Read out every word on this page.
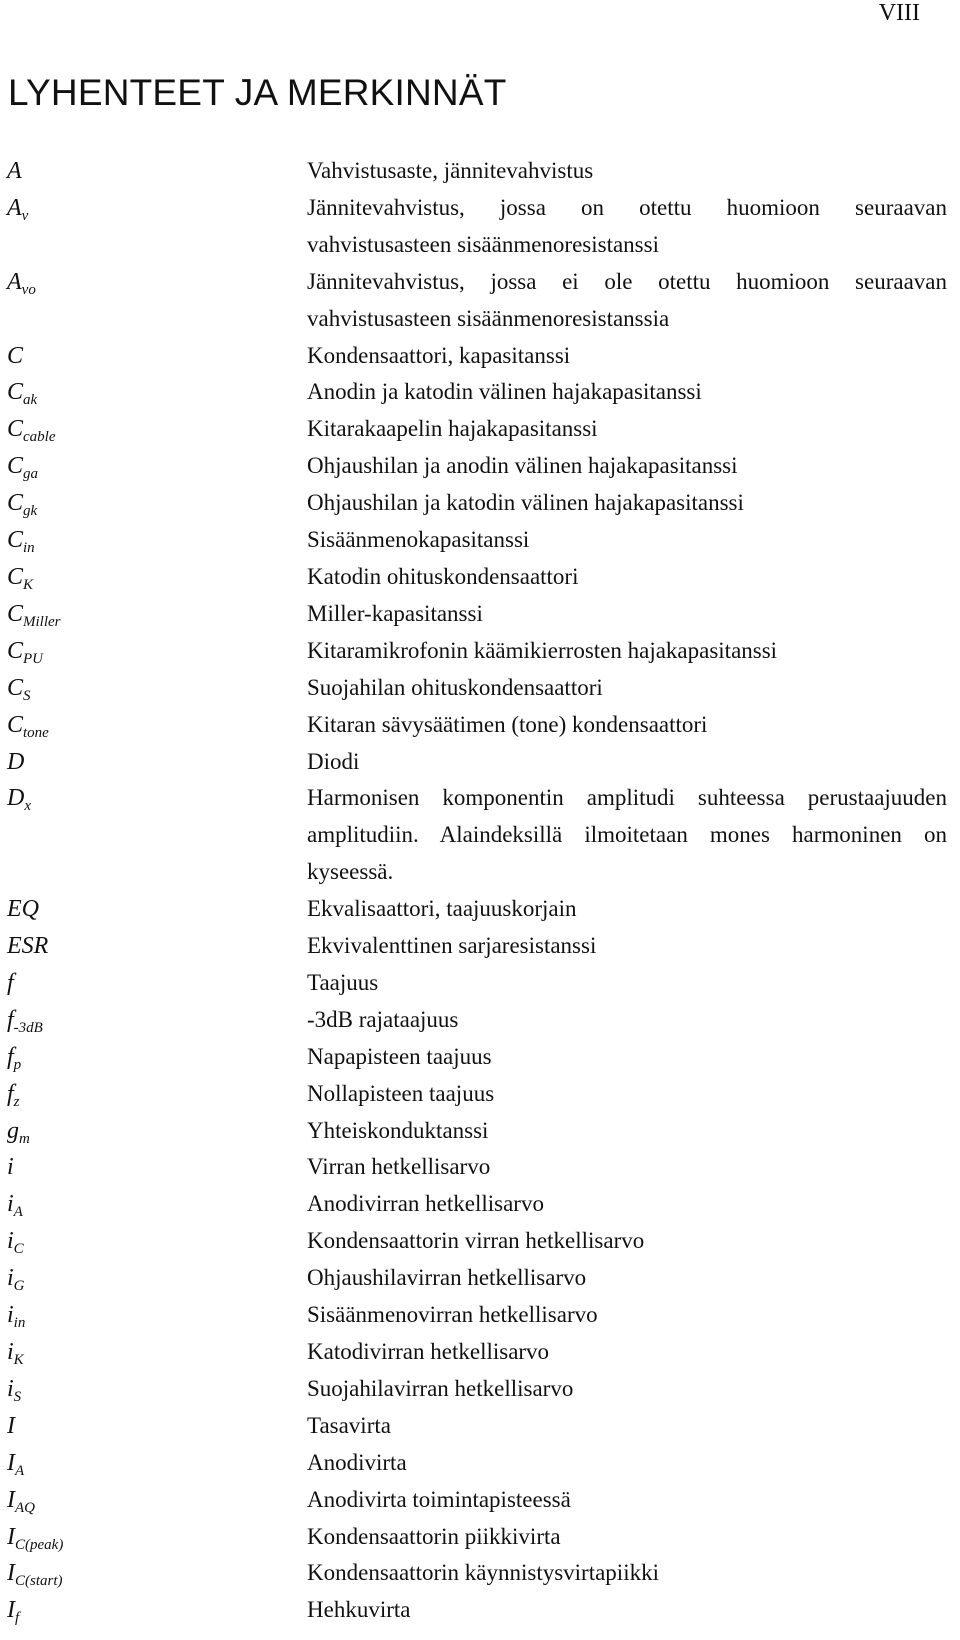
VIII
LYHENTEET JA MERKINNÄT
A	Vahvistusaste, jännitevahvistus
$A_v$	Jännitevahvistus, jossa on otettu huomioon seuraavan vahvistusasteen sisäänmenoresistanssi
$A_{vo}$	Jännitevahvistus, jossa ei ole otettu huomioon seuraavan vahvistusasteen sisäänmenoresistanssia
C	Kondensaattori, kapasitanssi
$C_{ak}$	Anodin ja katodin välinen hajakapasitanssi
$C_{cable}$	Kitarakaapelin hajakapasitanssi
$C_{ga}$	Ohjaushilan ja anodin välinen hajakapasitanssi
$C_{gk}$	Ohjaushilan ja katodin välinen hajakapasitanssi
$C_{in}$	Sisäänmenokapasitanssi
$C_K$	Katodin ohituskondensaattori
$C_{Miller}$	Miller-kapasitanssi
$C_{PU}$	Kitaramikrofonin käämikierrosten hajakapasitanssi
$C_S$	Suojahilan ohituskondensaattori
$C_{tone}$	Kitaran sävysäätimen (tone) kondensaattori
D	Diodi
$D_x$	Harmonisen komponentin amplitudi suhteessa perustaajuuden amplitudiin. Alaindeksillä ilmoitetaan mones harmoninen on kyseessä.
EQ	Ekvalisaattori, taajuuskorjain
ESR	Ekvivalenttinen sarjaresistanssi
f	Taajuus
$f_{-3dB}$	-3dB rajataajuus
$f_p$	Napapisteen taajuus
$f_z$	Nollapisteen taajuus
$g_m$	Yhteiskonduktanssi
i	Virran hetkellisarvo
$i_A$	Anodivirran hetkellisarvo
$i_C$	Kondensaattorin virran hetkellisarvo
$i_G$	Ohjaushilavirran hetkellisarvo
$i_{in}$	Sisäänmenovirran hetkellisarvo
$i_K$	Katodivirran hetkellisarvo
$i_S$	Suojahilavirran hetkellisarvo
I	Tasavirta
$I_A$	Anodivirta
$I_{AQ}$	Anodivirta toimintapisteessä
$I_{C(peak)}$	Kondensaattorin piikkivirta
$I_{C(start)}$	Kondensaattorin käynnistysvirtapiikki
$I_f$	Hehkuvirta
